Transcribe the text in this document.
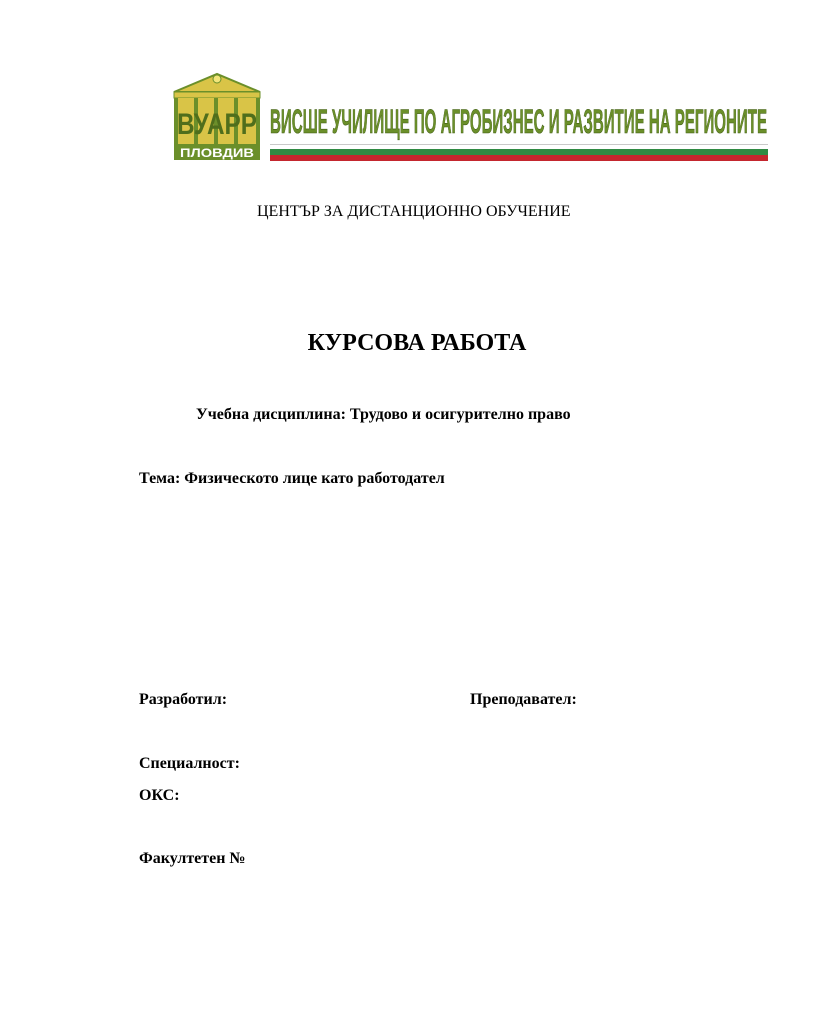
ВУАРР
ПЛОВДИВ
ВИСШЕ УЧИЛИЩЕ ПО АГРОБИЗНЕС И РАЗВИТИЕ НА РЕГИОНИТЕ
ЦЕНТЪР ЗА ДИСТАНЦИОННО ОБУЧЕНИЕ
КУРСОВА РАБОТА
Учебна дисциплина: Трудово и осигурително право
Тема: Физическото лице като работодател
Разработил:	Преподавател:
Специалност:
ОКС:
Факултетен №
